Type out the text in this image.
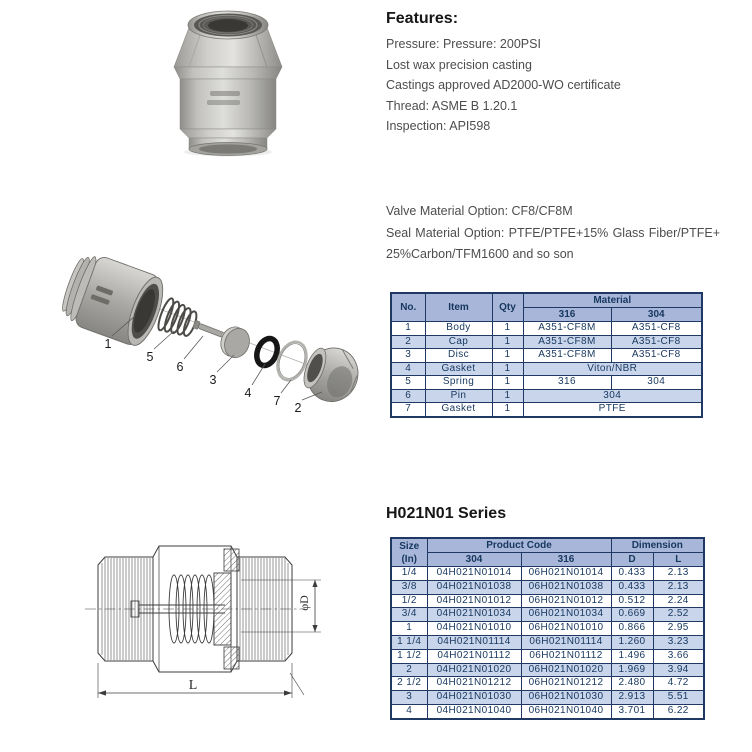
Features:
Pressure: Pressure: 200PSI
Lost wax precision casting
Castings approved AD2000-WO certificate
Thread: ASME B 1.20.1
Inspection: API598
Valve Material Option: CF8/CF8M
Seal Material Option: PTFE/PTFE+15% Glass Fiber/PTFE+
25%Carbon/TFM1600 and so son
1
5
6
3
4
7 2
No.	Item	Qty	Material	
			316	304
1	Body	1	A351-CF8M	A351-CF8
2	Cap	1	A351-CF8M	A351-CF8
3	Disc	1	A351-CF8M	A351-CF8
4	Gasket	1	Viton/NBR	
5	Spring	1	316	304
6	Pin	1	304	
7	Gasket	1	PTFE	
H021N01 Series
Size
(In)	Product Code		Dimension	
	304	316	D	L
1/4	04H021N01014	06H021N01014	0.433	2.13
3/8	04H021N01038	06H021N01038	0.433	2.13
1/2	04H021N01012	06H021N01012	0.512	2.24
3/4	04H021N01034	06H021N01034	0.669	2.52
1	04H021N01010	06H021N01010	0.866	2.95
1 1/4	04H021N01114	06H021N01114	1.260	3.23
1 1/2	04H021N01112	06H021N01112	1.496	3.66
2	04H021N01020	06H021N01020	1.969	3.94
2 1/2	04H021N01212	06H021N01212	2.480	4.72
3	04H021N01030	06H021N01030	2.913	5.51
4	04H021N01040	06H021N01040	3.701	6.22
L
φD
